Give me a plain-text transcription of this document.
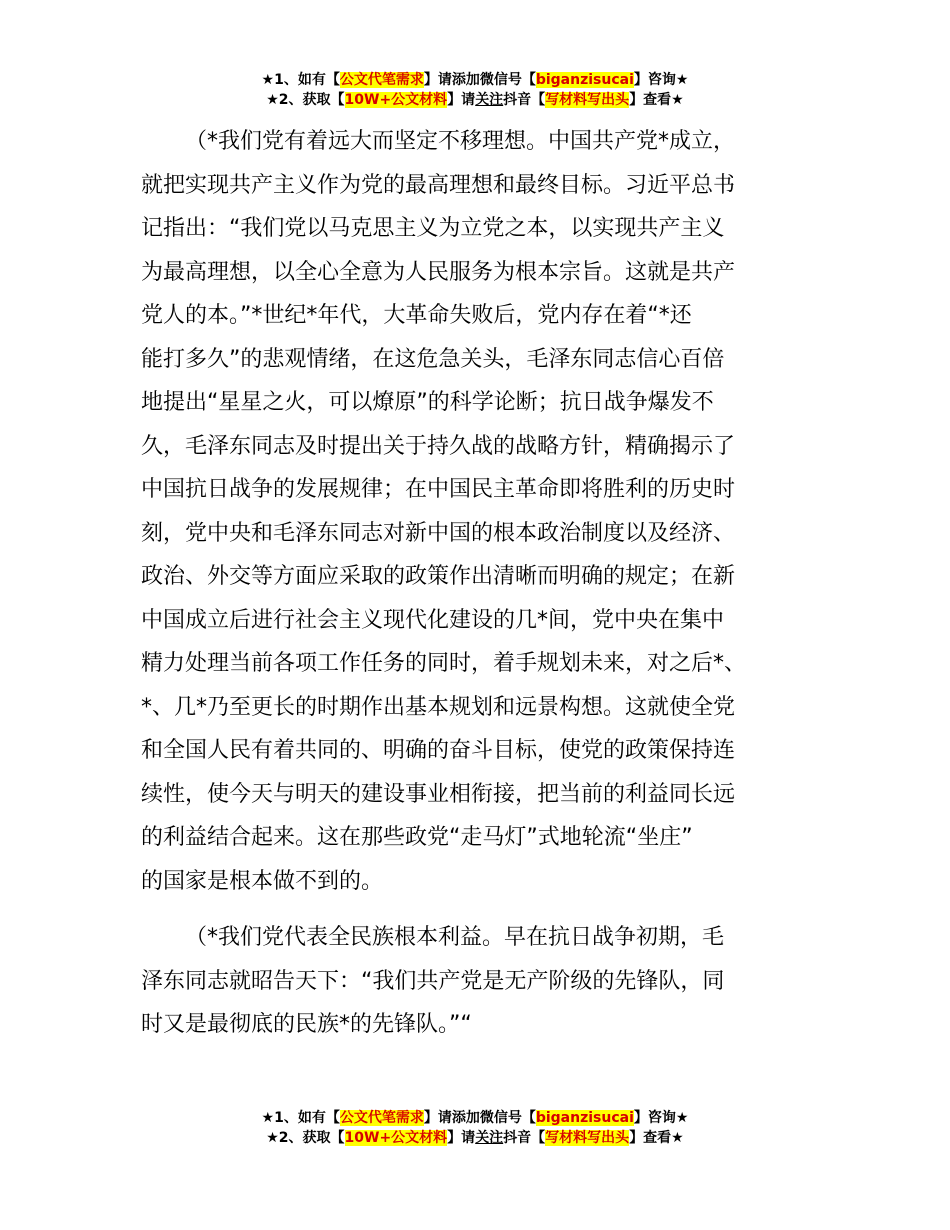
★1、如有【公文代笔需求】请添加微信号【biganzisucai】咨询★
★2、获取【10W+公文材料】请关注抖音【写材料写出头】查看★
（*我们党有着远大而坚定不移理想。中国共产党*成立，
就把实现共产主义作为党的最高理想和最终目标。习近平总书
记指出：“我们党以马克思主义为立党之本，以实现共产主义
为最高理想，以全心全意为人民服务为根本宗旨。这就是共产
党人的本。”*世纪*年代，大革命失败后，党内存在着“*还
能打多久”的悲观情绪，在这危急关头，毛泽东同志信心百倍
地提出“星星之火，可以燎原”的科学论断；抗日战争爆发不
久，毛泽东同志及时提出关于持久战的战略方针，精确揭示了
中国抗日战争的发展规律；在中国民主革命即将胜利的历史时
刻，党中央和毛泽东同志对新中国的根本政治制度以及经济、
政治、外交等方面应采取的政策作出清晰而明确的规定；在新
中国成立后进行社会主义现代化建设的几*间，党中央在集中
精力处理当前各项工作任务的同时，着手规划未来，对之后*、
*、几*乃至更长的时期作出基本规划和远景构想。这就使全党
和全国人民有着共同的、明确的奋斗目标，使党的政策保持连
续性，使今天与明天的建设事业相衔接，把当前的利益同长远
的利益结合起来。这在那些政党“走马灯”式地轮流“坐庄”
的国家是根本做不到的。
（*我们党代表全民族根本利益。早在抗日战争初期，毛
泽东同志就昭告天下：“我们共产党是无产阶级的先锋队，同
时又是最彻底的民族*的先锋队。”“
★1、如有【公文代笔需求】请添加微信号【biganzisucai】咨询★
★2、获取【10W+公文材料】请关注抖音【写材料写出头】查看★
